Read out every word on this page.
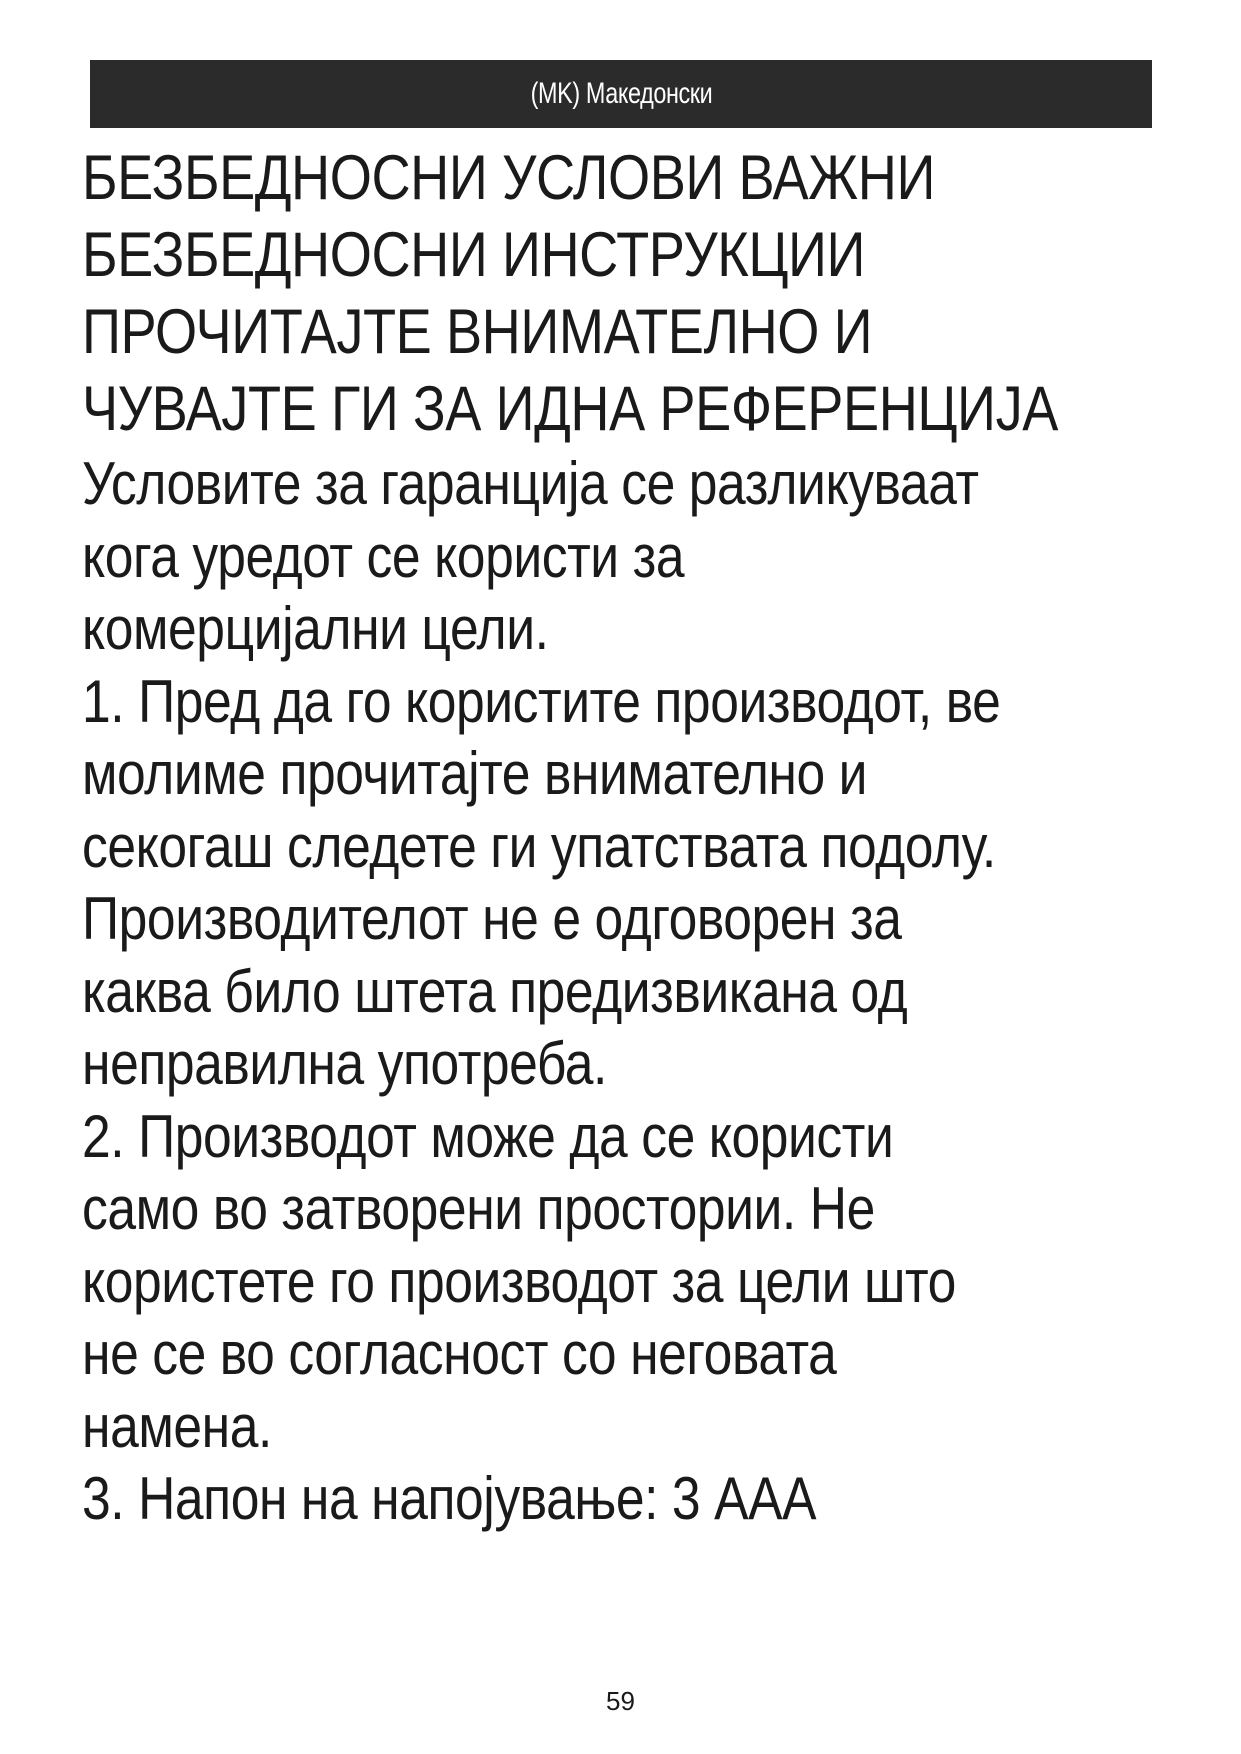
(MK) Македонски
БЕЗБЕДНОСНИ УСЛОВИ ВАЖНИ
БЕЗБЕДНОСНИ ИНСТРУКЦИИ
ПРОЧИТАЈТЕ ВНИМАТЕЛНО И
ЧУВАЈТЕ ГИ ЗА ИДНА РЕФЕРЕНЦИЈА
Условите за гаранција се разликуваат
кога уредот се користи за
комерцијални цели.
1. Пред да го користите производот, ве
молиме прочитајте внимателно и
секогаш следете ги упатствата подолу.
Производителот не е одговорен за
каква било штета предизвикана од
неправилна употреба.
2. Производот може да се користи
само во затворени простории. Не
користете го производот за цели што
не се во согласност со неговата
намена.
3. Напон на напојување: 3 AAA
59
